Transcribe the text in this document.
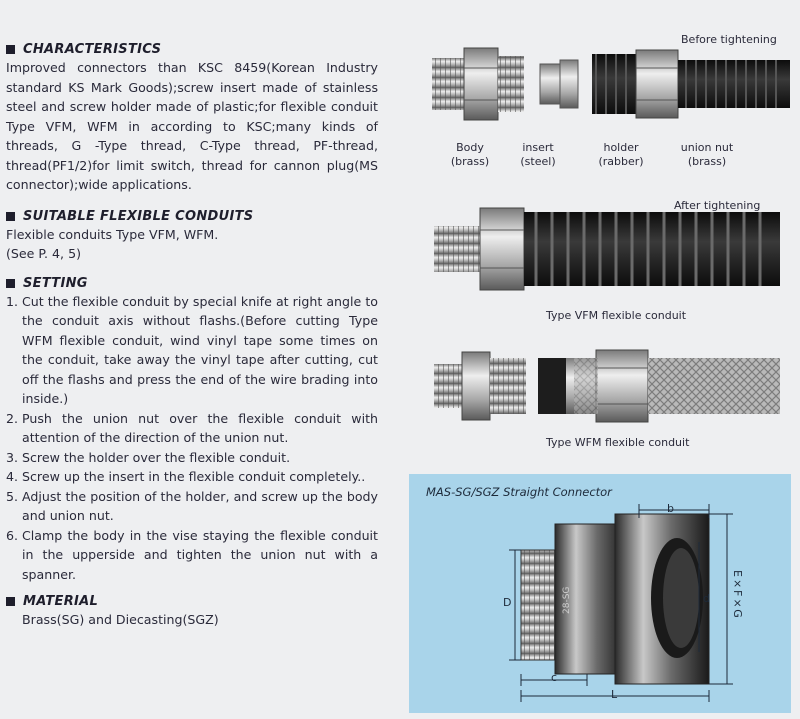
CHARACTERISTICS

Improved connectors than KSC 8459(Korean Industry standard KS Mark Goods);screw insert made of stainless steel and screw holder made of plastic;for flexible conduit Type VFM, WFM in according to KSC;many kinds of threads, G -Type thread, C-Type thread, PF-thread, thread(PF1/2)for limit switch, thread for cannon plug(MS connector);wide applications.

SUITABLE FLEXIBLE CONDUITS

Flexible conduits Type VFM, WFM.

(See P. 4, 5)

SETTING
1. Cut the flexible conduit by special knife at right angle to the conduit axis without flashs.(Before cutting Type WFM flexible conduit, wind vinyl tape some times on the conduit, take away the vinyl tape after cutting, cut off the flashs and press the end of the wire brading into inside.)
2. Push the union nut over the flexible conduit with attention of the direction of the union nut.
3. Screw the holder over the flexible conduit.
4. Screw up the insert in the flexible conduit completely..
5. Adjust the position of the holder, and screw up the body and union nut.
6. Clamp the body in the vise staying the flexible conduit in the upperside and tighten the union nut with a spanner.
MATERIAL

Brass(SG) and Diecasting(SGZ)

Before tightening
Body
(brass)
insert
(steel)
holder
(rabber)
union nut
(brass)
After tightening
Type VFM flexible conduit
Type WFM flexible conduit
MAS-SG/SGZ Straight Connector
28-SG
b
D	d E×F×G
c
L
